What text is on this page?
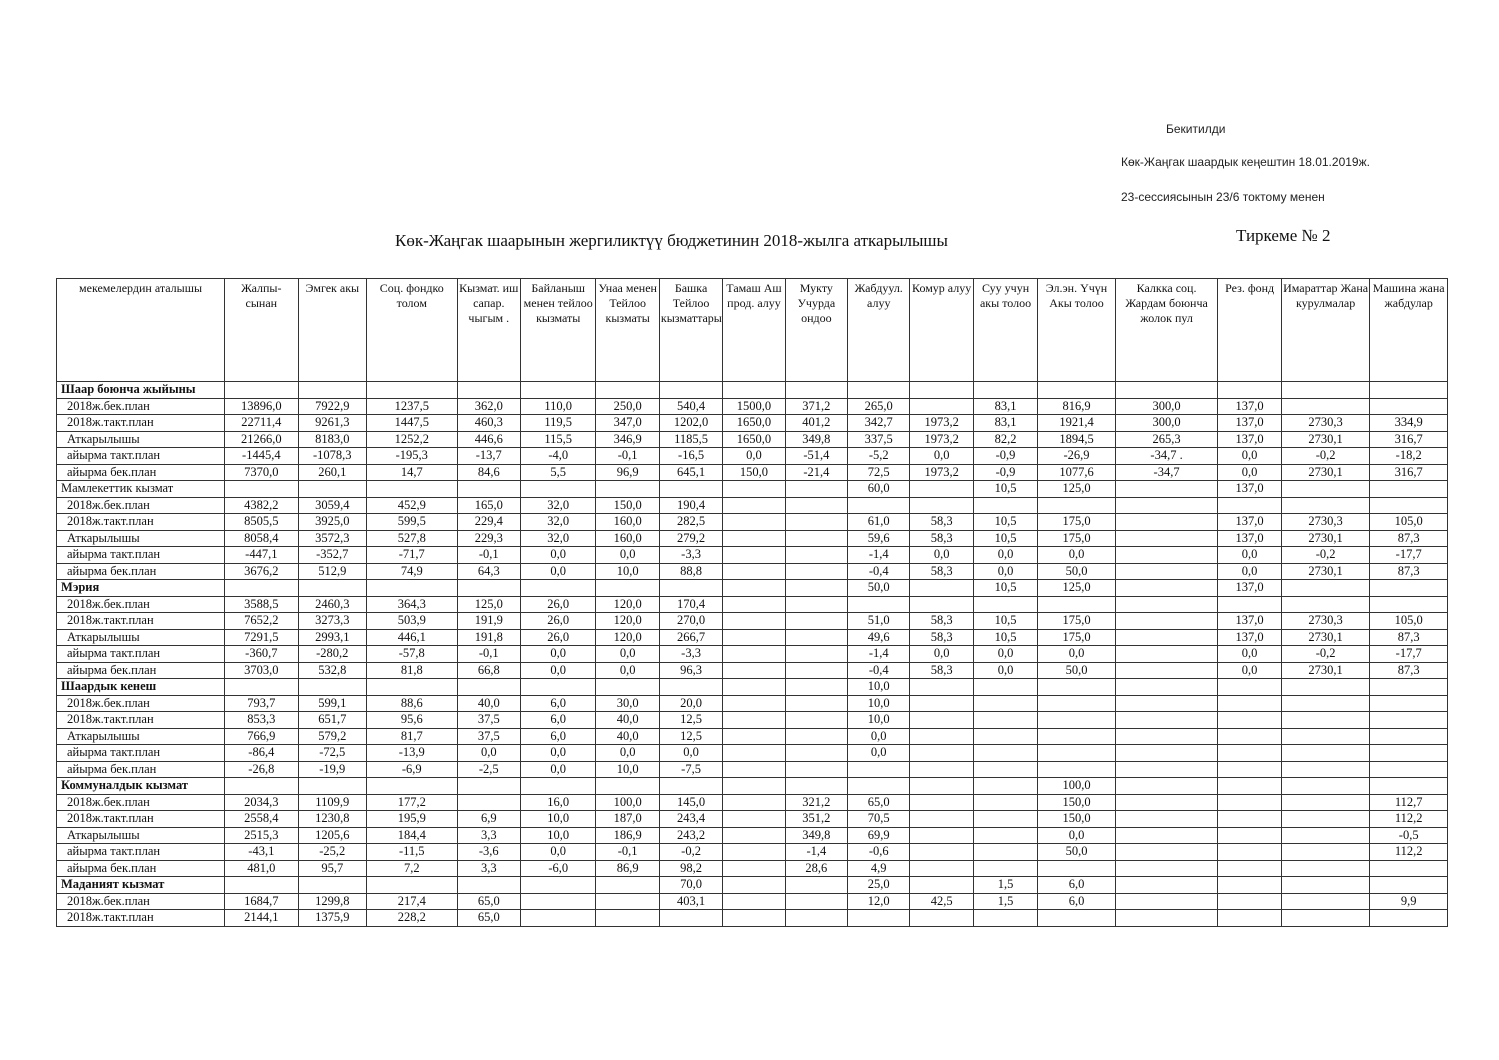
Бекитилди
Көк-Жаңгак шаардык кеңештин 18.01.2019ж.
23-сессиясынын 23/6 токтому менен
Көк-Жаңгак шаарынын жергиликтүү бюджетинин 2018-жылга аткарылышы	Тиркеме № 2
мекемелердин аталышы	Жалпы-сынан	Эмгек акы	Соц. фондко толом	Кызмат. иш сапар. чыгым .	Байланыш менен тейлоо кызматы	Унаа менен Тейлоо кызматы	Башка Тейлоо кызматтары	Тамаш Аш прод. алуу	Мукту Учурда ондоо	Жабдуул. алуу	Комур алуу	Суу учун акы толоо	Эл.эн. Үчүн Акы толоо	Калкка соц. Жардам боюнча жолок пул	Рез. фонд	Имараттар Жана курулмалар	Машина жана жабдулар
Шаар боюнча жыйыны																	
2018ж.бек.план	13896,0	7922,9	1237,5	362,0	110,0	250,0	540,4	1500,0	371,2	265,0		83,1	816,9	300,0	137,0		
2018ж.такт.план	22711,4	9261,3	1447,5	460,3	119,5	347,0	1202,0	1650,0	401,2	342,7	1973,2	83,1	1921,4	300,0	137,0	2730,3	334,9
Аткарылышы	21266,0	8183,0	1252,2	446,6	115,5	346,9	1185,5	1650,0	349,8	337,5	1973,2	82,2	1894,5	265,3	137,0	2730,1	316,7
айырма такт.план	-1445,4	-1078,3	-195,3	-13,7	-4,0	-0,1	-16,5	0,0	-51,4	-5,2	0,0	-0,9	-26,9	-34,7 .	0,0	-0,2	-18,2
айырма бек.план	7370,0	260,1	14,7	84,6	5,5	96,9	645,1	150,0	-21,4	72,5	1973,2	-0,9	1077,6	-34,7	0,0	2730,1	316,7
Мамлекеттик кызмат										60,0		10,5	125,0		137,0		
2018ж.бек.план	4382,2	3059,4	452,9	165,0	32,0	150,0	190,4										
2018ж.такт.план	8505,5	3925,0	599,5	229,4	32,0	160,0	282,5			61,0	58,3	10,5	175,0		137,0	2730,3	105,0
Аткарылышы	8058,4	3572,3	527,8	229,3	32,0	160,0	279,2			59,6	58,3	10,5	175,0		137,0	2730,1	87,3
айырма такт.план	-447,1	-352,7	-71,7	-0,1	0,0	0,0	-3,3			-1,4	0,0	0,0	0,0		0,0	-0,2	-17,7
айырма бек.план	3676,2	512,9	74,9	64,3	0,0	10,0	88,8			-0,4	58,3	0,0	50,0		0,0	2730,1	87,3
Мэрия										50,0		10,5	125,0		137,0		
2018ж.бек.план	3588,5	2460,3	364,3	125,0	26,0	120,0	170,4										
2018ж.такт.план	7652,2	3273,3	503,9	191,9	26,0	120,0	270,0			51,0	58,3	10,5	175,0		137,0	2730,3	105,0
Аткарылышы	7291,5	2993,1	446,1	191,8	26,0	120,0	266,7			49,6	58,3	10,5	175,0		137,0	2730,1	87,3
айырма такт.план	-360,7	-280,2	-57,8	-0,1	0,0	0,0	-3,3			-1,4	0,0	0,0	0,0		0,0	-0,2	-17,7
айырма бек.план	3703,0	532,8	81,8	66,8	0,0	0,0	96,3			-0,4	58,3	0,0	50,0		0,0	2730,1	87,3
Шаардык кенеш										10,0							
2018ж.бек.план	793,7	599,1	88,6	40,0	6,0	30,0	20,0			10,0							
2018ж.такт.план	853,3	651,7	95,6	37,5	6,0	40,0	12,5			10,0							
Аткарылышы	766,9	579,2	81,7	37,5	6,0	40,0	12,5			0,0							
айырма такт.план	-86,4	-72,5	-13,9	0,0	0,0	0,0	0,0			0,0							
айырма бек.план	-26,8	-19,9	-6,9	-2,5	0,0	10,0	-7,5										
Коммуналдык кызмат													100,0				
2018ж.бек.план	2034,3	1109,9	177,2		16,0	100,0	145,0		321,2	65,0			150,0				112,7
2018ж.такт.план	2558,4	1230,8	195,9	6,9	10,0	187,0	243,4		351,2	70,5			150,0				112,2
Аткарылышы	2515,3	1205,6	184,4	3,3	10,0	186,9	243,2		349,8	69,9			0,0				-0,5
айырма такт.план	-43,1	-25,2	-11,5	-3,6	0,0	-0,1	-0,2		-1,4	-0,6			50,0				112,2
айырма бек.план	481,0	95,7	7,2	3,3	-6,0	86,9	98,2		28,6	4,9							
Маданият кызмат							70,0			25,0		1,5	6,0				
2018ж.бек.план	1684,7	1299,8	217,4	65,0			403,1			12,0	42,5	1,5	6,0				9,9
2018ж.такт.план	2144,1	1375,9	228,2	65,0													
